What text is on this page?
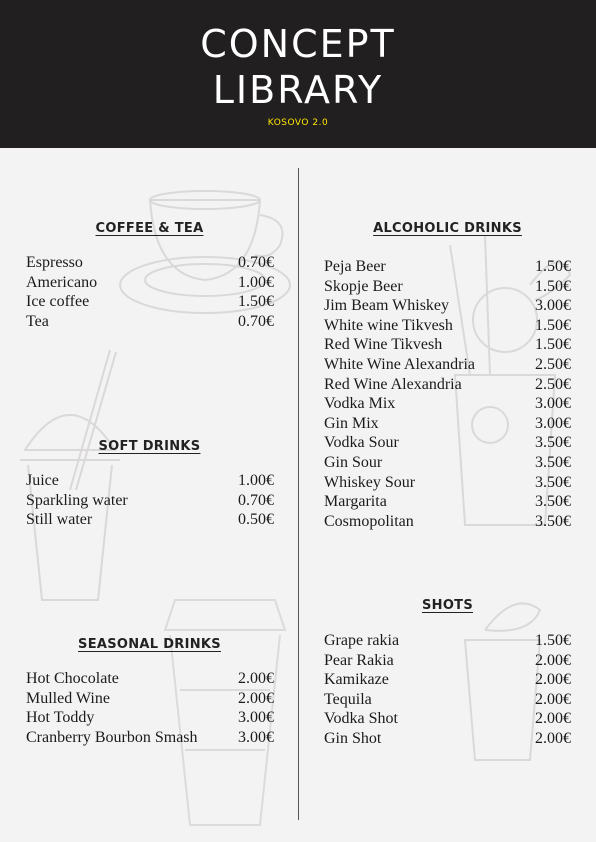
CONCEPT
LIBRARY
KOSOVO 2.0
COFFEE & TEA
Espresso	0.70€
Americano	1.00€
Ice coffee	1.50€
Tea	0.70€
SOFT DRINKS
Juice	1.00€
Sparkling water	0.70€
Still water	0.50€
SEASONAL DRINKS
Hot Chocolate	2.00€
Mulled Wine	2.00€
Hot Toddy	3.00€
Cranberry Bourbon Smash	3.00€
ALCOHOLIC DRINKS
Peja Beer	1.50€
Skopje Beer	1.50€
Jim Beam Whiskey	3.00€
White wine Tikvesh	1.50€
Red Wine Tikvesh	1.50€
White Wine Alexandria	2.50€
Red Wine Alexandria	2.50€
Vodka Mix	3.00€
Gin Mix	3.00€
Vodka Sour	3.50€
Gin Sour	3.50€
Whiskey Sour	3.50€
Margarita	3.50€
Cosmopolitan	3.50€
SHOTS
Grape rakia	1.50€
Pear Rakia	2.00€
Kamikaze	2.00€
Tequila	2.00€
Vodka Shot	2.00€
Gin Shot	2.00€
